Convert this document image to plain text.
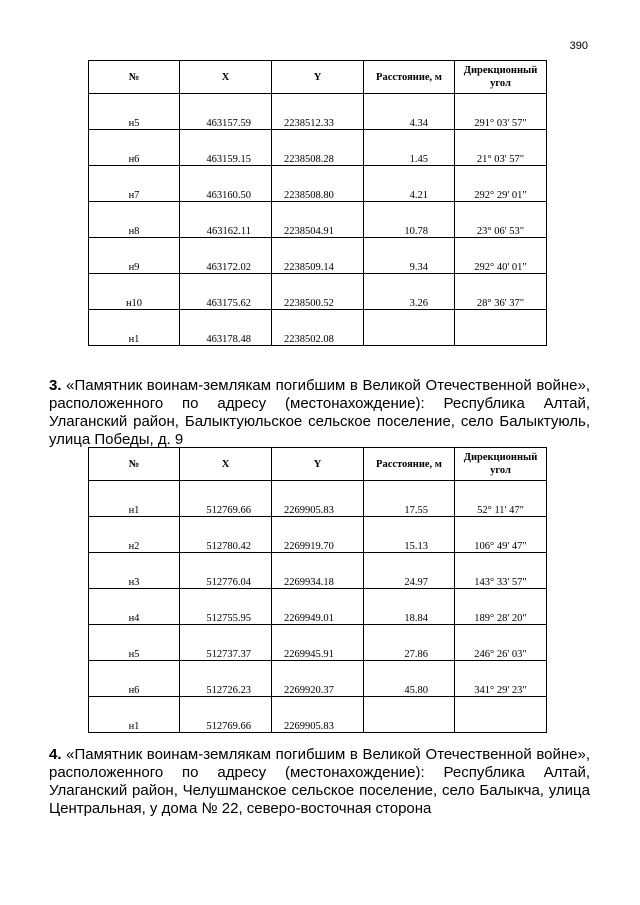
390
№	X	Y	Расстояние, м	Дирекционный угол

н5	463157.59	2238512.33	4.34	291° 03' 57"

н6	463159.15	2238508.28	1.45	21° 03' 57"

н7	463160.50	2238508.80	4.21	292° 29' 01"

н8	463162.11	2238504.91	10.78	23° 06' 53"

н9	463172.02	2238509.14	9.34	292° 40' 01"

н10	463175.62	2238500.52	3.26	28° 36' 37"

н1	463178.48	2238502.08		

3. «Памятник воинам-землякам погибшим в Великой Отечественной войне», расположенного по адресу (местонахождение): Республика Алтай, Улаганский район, Балыктуюльское сельское поселение, село Балыктуюль, улица Победы, д. 9
№	X	Y	Расстояние, м	Дирекционный угол

н1	512769.66	2269905.83	17.55	52° 11' 47"

н2	512780.42	2269919.70	15.13	106° 49' 47"

н3	512776.04	2269934.18	24.97	143° 33' 57"

н4	512755.95	2269949.01	18.84	189° 28' 20"

н5	512737.37	2269945.91	27.86	246° 26' 03"

н6	512726.23	2269920.37	45.80	341° 29' 23"

н1	512769.66	2269905.83		

4. «Памятник воинам-землякам погибшим в Великой Отечественной войне», расположенного по адресу (местонахождение): Республика Алтай, Улаганский район, Челушманское сельское поселение, село Балыкча, улица Центральная, у дома № 22, северо-восточная сторона
